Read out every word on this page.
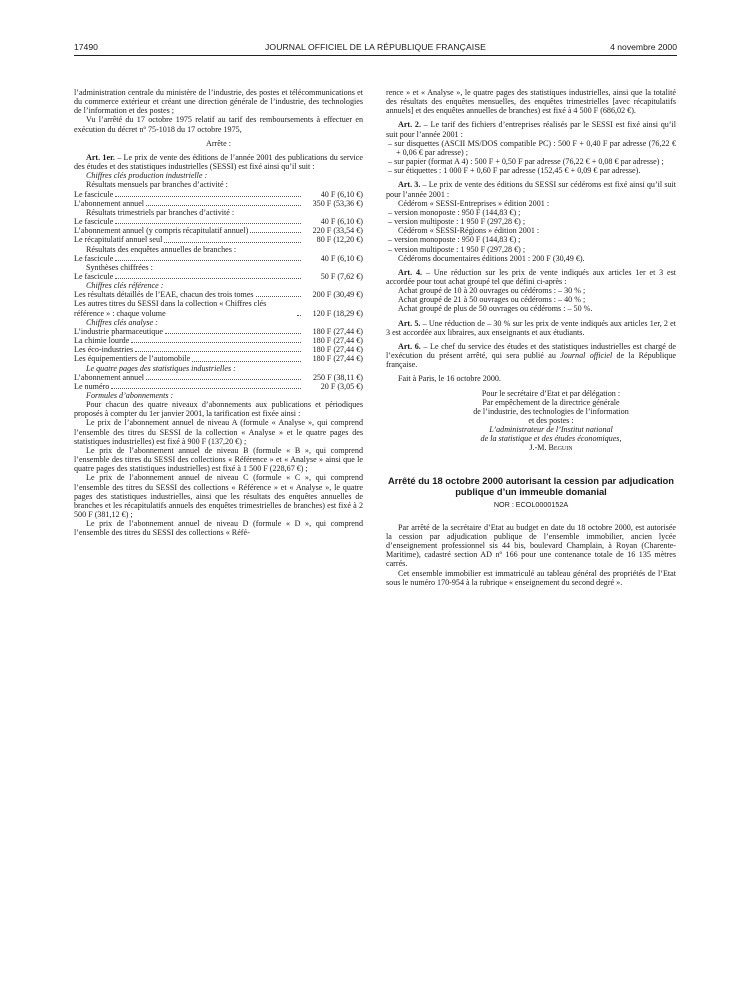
17490	JOURNAL OFFICIEL DE LA RÉPUBLIQUE FRANÇAISE	4 novembre 2000

l’administration centrale du ministère de l’industrie, des postes et télécommunications et du commerce extérieur et créant une direction générale de l’industrie, des technologies de l’information et des postes ;

Vu l’arrêté du 17 octobre 1975 relatif au tarif des remboursements à effectuer en exécution du décret nº 75-1018 du 17 octobre 1975,

Arrête :

Art. 1er. – Le prix de vente des éditions de l’année 2001 des publications du service des études et des statistiques industrielles (SESSI) est fixé ainsi qu’il suit :

Chiffres clés production industrielle :

Résultats mensuels par branches d’activité :

Le fascicule	40 F (6,10 €)
L’abonnement annuel	350 F (53,36 €)

Résultats trimestriels par branches d’activité :

Le fascicule	40 F (6,10 €)
L’abonnement annuel (y compris récapitulatif annuel)	220 F (33,54 €)
Le récapitulatif annuel seul	80 F (12,20 €)

Résultats des enquêtes annuelles de branches :

Le fascicule	40 F (6,10 €)

Synthèses chiffrées :

Le fascicule	50 F (7,62 €)

Chiffres clés référence :

Les résultats détaillés de l’EAE, chacun des trois tomes	200 F (30,49 €)
Les autres titres du SESSI dans la collection « Chiffres clés référence » : chaque volume	120 F (18,29 €)

Chiffres clés analyse :

L’industrie pharmaceutique	180 F (27,44 €)
La chimie lourde	180 F (27,44 €)
Les éco-industries	180 F (27,44 €)
Les équipementiers de l’automobile	180 F (27,44 €)

Le quatre pages des statistiques industrielles :

L’abonnement annuel	250 F (38,11 €)
Le numéro	20 F (3,05 €)

Formules d’abonnements :

Pour chacun des quatre niveaux d’abonnements aux publications et périodiques proposés à compter du 1er janvier 2001, la tarification est fixée ainsi :

Le prix de l’abonnement annuel de niveau A (formule « Analyse », qui comprend l’ensemble des titres du SESSI de la collection « Analyse » et le quatre pages des statistiques industrielles) est fixé à 900 F (137,20 €) ;

Le prix de l’abonnement annuel de niveau B (formule « B », qui comprend l’ensemble des titres du SESSI des collections « Référence » et « Analyse » ainsi que le quatre pages des statistiques industrielles) est fixé à 1 500 F (228,67 €) ;

Le prix de l’abonnement annuel de niveau C (formule « C », qui comprend l’ensemble des titres du SESSI des collections « Référence » et « Analyse », le quatre pages des statistiques industrielles, ainsi que les résultats des enquêtes annuelles de branches et les récapitulatifs annuels des enquêtes trimestrielles de branches) est fixé à 2 500 F (381,12 €) ;

Le prix de l’abonnement annuel de niveau D (formule « D », qui comprend l’ensemble des titres du SESSI des collections « Réfé-

rence » et « Analyse », le quatre pages des statistiques industrielles, ainsi que la totalité des résultats des enquêtes mensuelles, des enquêtes trimestrielles [avec récapitulatifs annuels] et des enquêtes annuelles de branches) est fixé à 4 500 F (686,02 €).

Art. 2. – Le tarif des fichiers d’entreprises réalisés par le SESSI est fixé ainsi qu’il suit pour l’année 2001 :

– sur disquettes (ASCII MS/DOS compatible PC) : 500 F + 0,40 F par adresse (76,22 € + 0,06 € par adresse) ;

– sur papier (format A 4) : 500 F + 0,50 F par adresse (76,22 € + 0,08 € par adresse) ;

– sur étiquettes : 1 000 F + 0,60 F par adresse (152,45 € + 0,09 € par adresse).

Art. 3. – Le prix de vente des éditions du SESSI sur cédéroms est fixé ainsi qu’il suit pour l’année 2001 :

Cédérom « SESSI-Entreprises » édition 2001 :

– version monoposte : 950 F (144,83 €) ;

– version multiposte : 1 950 F (297,28 €) ;

Cédérom « SESSI-Régions » édition 2001 :

– version monoposte : 950 F (144,83 €) ;

– version multiposte : 1 950 F (297,28 €) ;

Cédéroms documentaires éditions 2001 : 200 F (30,49 €).

Art. 4. – Une réduction sur les prix de vente indiqués aux articles 1er et 3 est accordée pour tout achat groupé tel que défini ci-après :

Achat groupé de 10 à 20 ouvrages ou cédéroms : – 30 % ;

Achat groupé de 21 à 50 ouvrages ou cédéroms : – 40 % ;

Achat groupé de plus de 50 ouvrages ou cédéroms : – 50 %.

Art. 5. – Une réduction de – 30 % sur les prix de vente indiqués aux articles 1er, 2 et 3 est accordée aux libraires, aux enseignants et aux étudiants.

Art. 6. – Le chef du service des études et des statistiques industrielles est chargé de l’exécution du présent arrêté, qui sera publié au Journal officiel de la République française.

Fait à Paris, le 16 octobre 2000.

Pour le secrétaire d’Etat et par délégation :

Par empêchement de la directrice générale

de l’industrie, des technologies de l’information

et des postes :

L’administrateur de l’Institut national

de la statistique et des études économiques,

J.-M. Beguin

Arrêté du 18 octobre 2000 autorisant la cession par adjudication publique d’un immeuble domanial

NOR : ECOL0000152A

Par arrêté de la secrétaire d’Etat au budget en date du 18 octobre 2000, est autorisée la cession par adjudication publique de l’ensemble immobilier, ancien lycée d’enseignement professionnel sis 44 bis, boulevard Champlain, à Royan (Charente-Maritime), cadastré section AD nº 166 pour une contenance totale de 16 135 mètres carrés.

Cet ensemble immobilier est immatriculé au tableau général des propriétés de l’Etat sous le numéro 170-954 à la rubrique « enseignement du second degré ».
